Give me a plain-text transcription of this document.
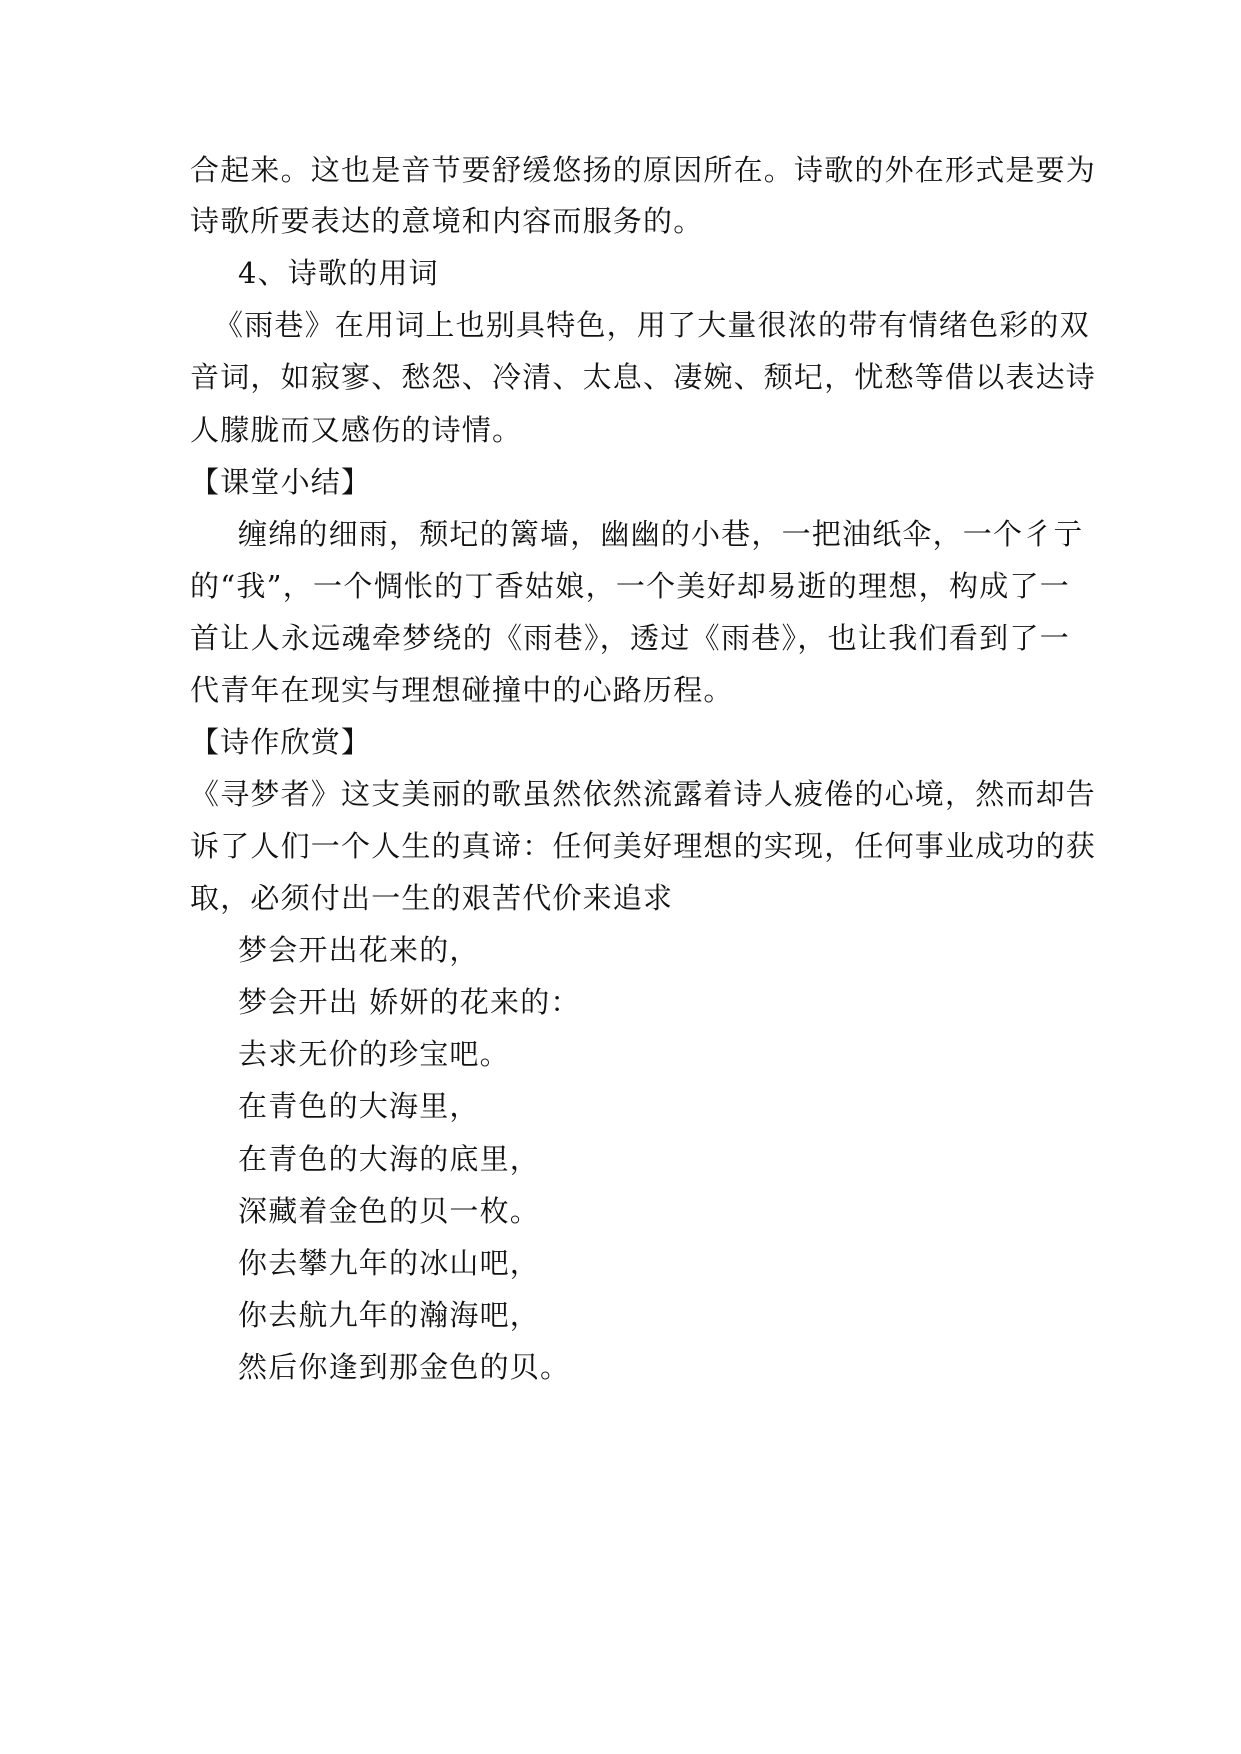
合起来。这也是音节要舒缓悠扬的原因所在。诗歌的外在形式是要为
诗歌所要表达的意境和内容而服务的。
4、诗歌的用词
《雨巷》在用词上也别具特色，用了大量很浓的带有情绪色彩的双
音词，如寂寥、愁怨、冷清、太息、凄婉、颓圮，忧愁等借以表达诗
人朦胧而又感伤的诗情。
【课堂小结】
缠绵的细雨，颓圮的篱墙，幽幽的小巷，一把油纸伞，一个彳亍
的“我”，一个惆怅的丁香姑娘，一个美好却易逝的理想，构成了一
首让人永远魂牵梦绕的《雨巷》，透过《雨巷》，也让我们看到了一
代青年在现实与理想碰撞中的心路历程。
【诗作欣赏】
《寻梦者》这支美丽的歌虽然依然流露着诗人疲倦的心境，然而却告
诉了人们一个人生的真谛：任何美好理想的实现，任何事业成功的获
取，必须付出一生的艰苦代价来追求
梦会开出花来的，
梦会开出 娇妍的花来的：
去求无价的珍宝吧。
在青色的大海里，
在青色的大海的底里，
深藏着金色的贝一枚。
你去攀九年的冰山吧，
你去航九年的瀚海吧，
然后你逢到那金色的贝。
